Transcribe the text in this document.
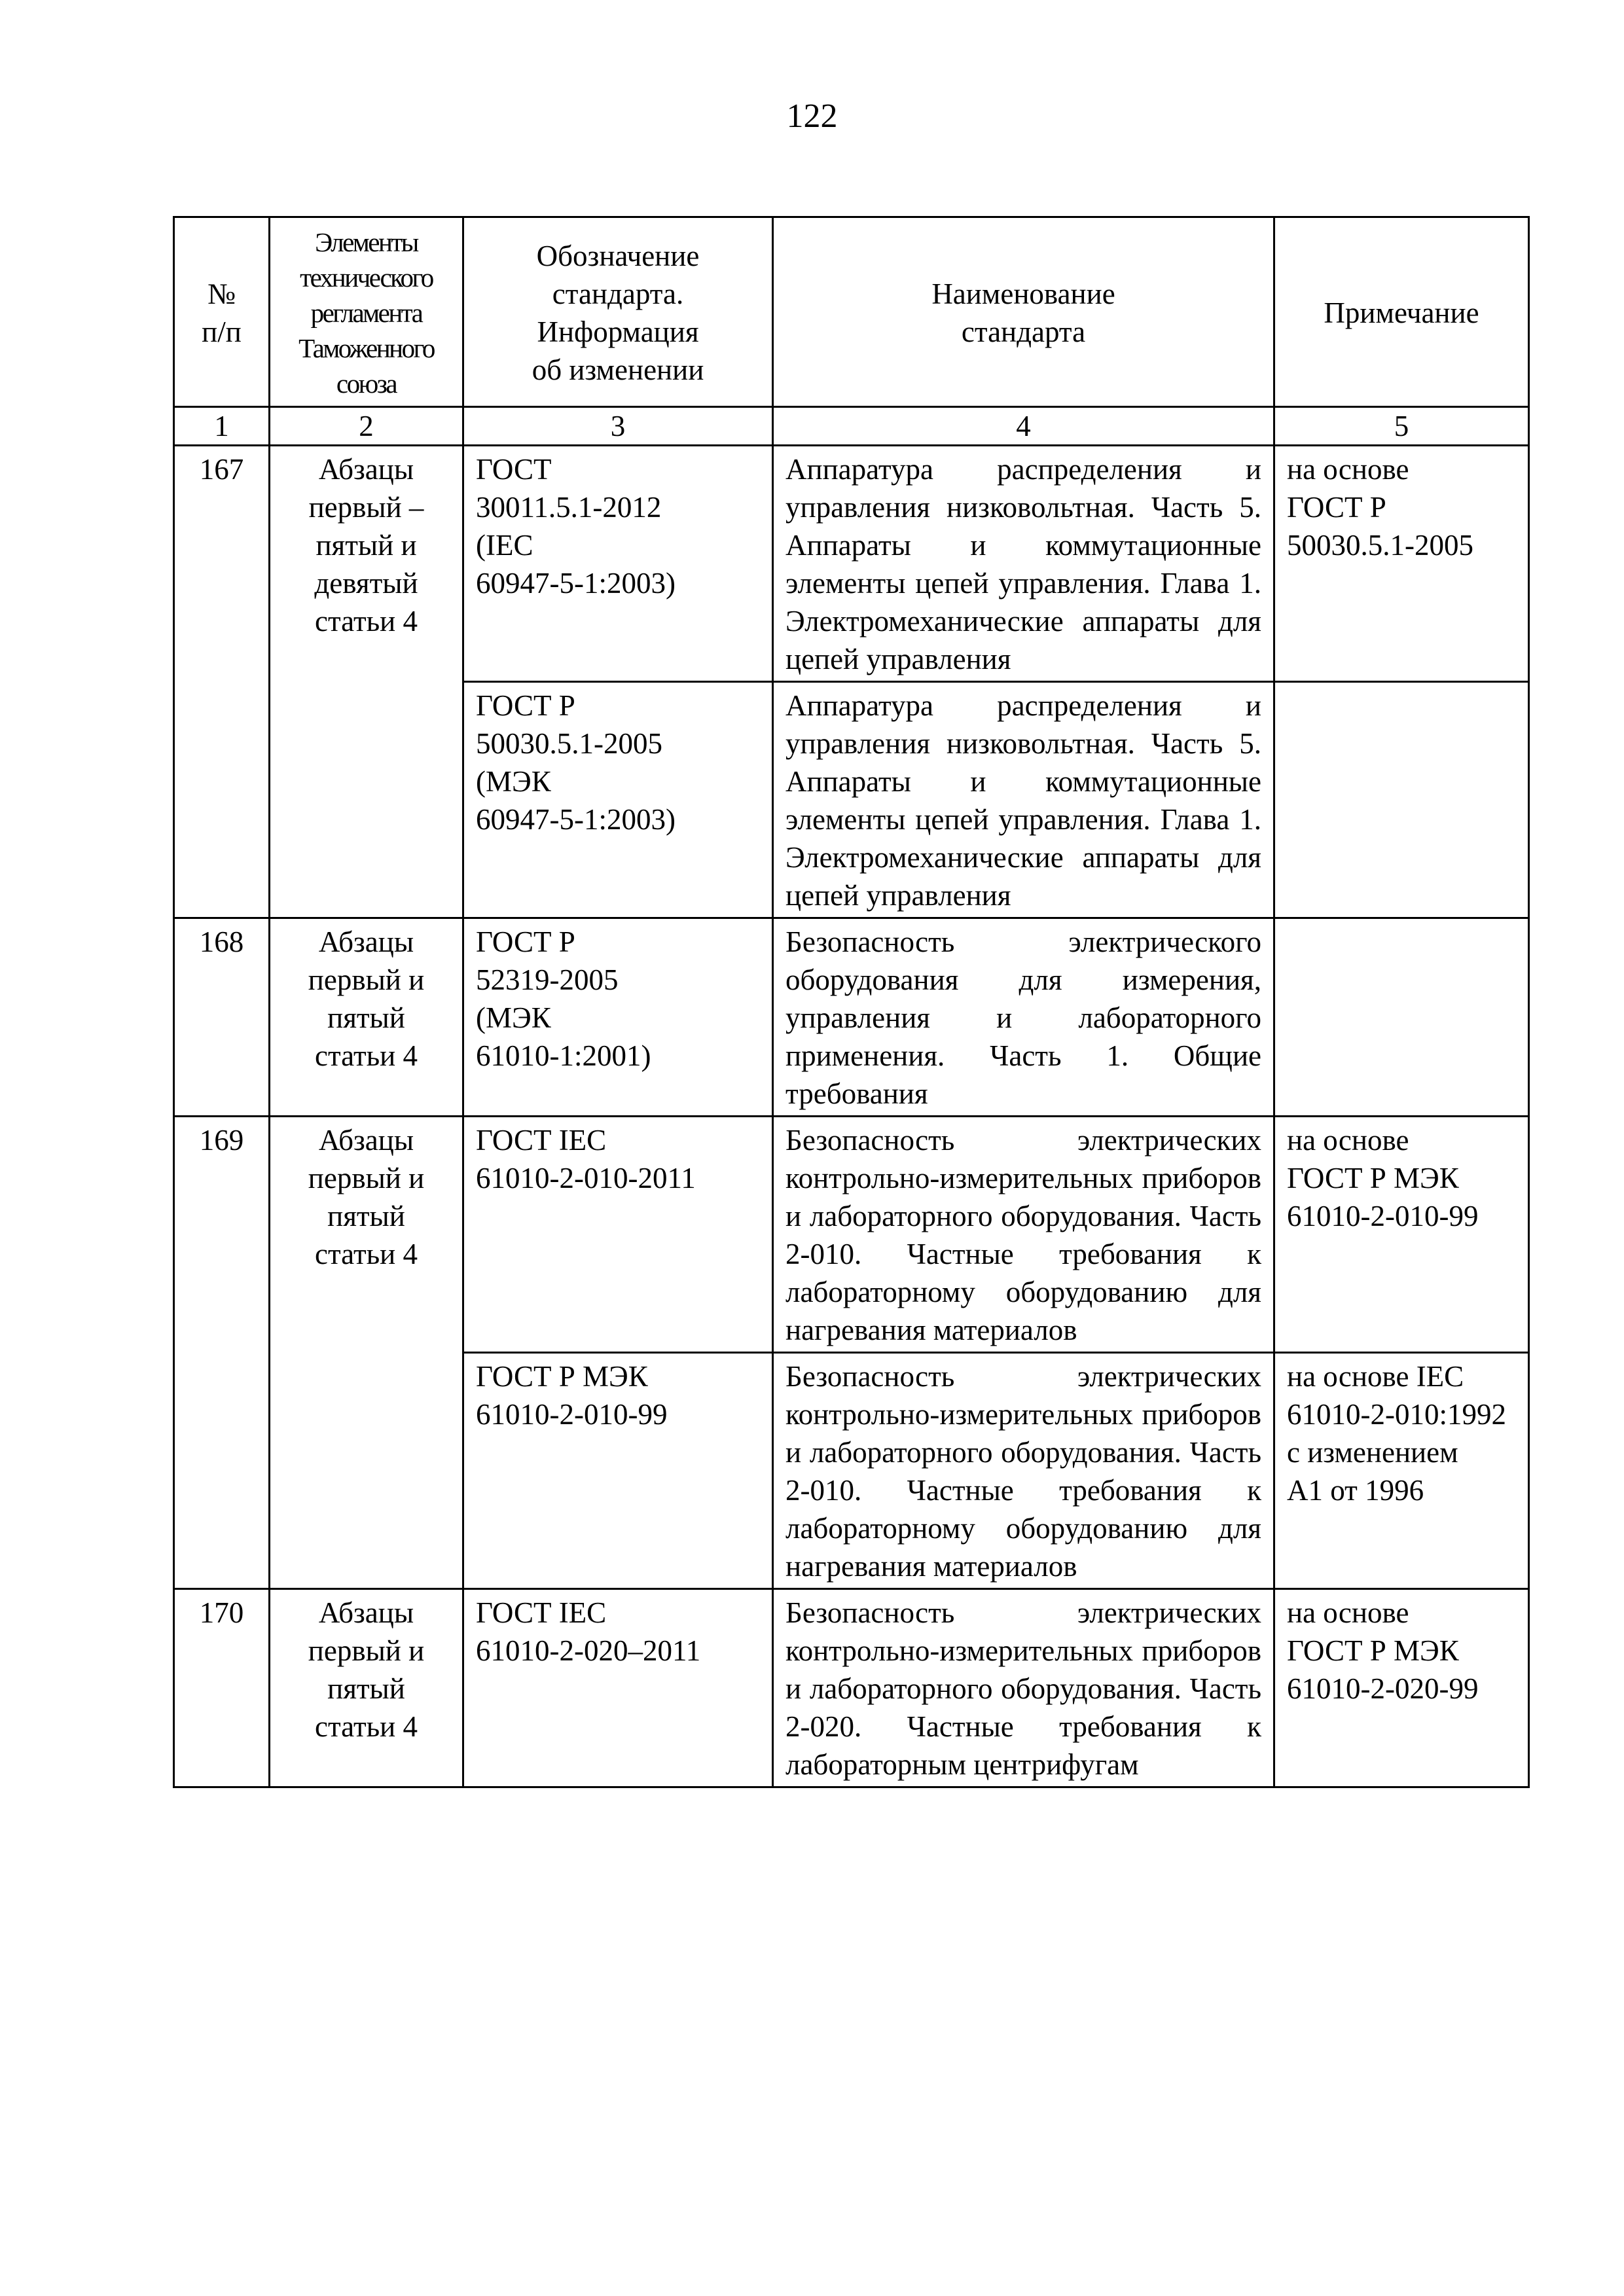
122
№
п/п	Элементы
технического
регламента
Таможенного
союза	Обозначение
стандарта.
Информация
об изменении	Наименование
стандарта	Примечание

1	2	3	4	5
167	Абзацы
первый –
пятый и
девятый
статьи 4	ГОСТ
30011.5.1-2012
(IEC
60947-5-1:2003)	Аппаратура распределения и управления низковольтная. Часть 5. Аппараты и коммутационные элементы цепей управления. Глава 1. Электромеханические аппараты для цепей управления	на основе
ГОСТ Р
50030.5.1-2005

		ГОСТ Р
50030.5.1-2005
(МЭК
60947-5-1:2003)	Аппаратура распределения и управления низковольтная. Часть 5. Аппараты и коммутационные элементы цепей управления. Глава 1. Электромеханические аппараты для цепей управления	
168	Абзацы
первый и
пятый
статьи 4	ГОСТ Р
52319-2005
(МЭК
61010-1:2001)	Безопасность электрического оборудования для измерения, управления и лабораторного применения. Часть 1. Общие требования	
169	Абзацы
первый и
пятый
статьи 4	ГОСТ IEC
61010-2-010-2011	Безопасность электрических контрольно-измерительных приборов и лабораторного оборудования. Часть 2-010. Частные требования к лабораторному оборудованию для нагревания материалов	на основе
ГОСТ Р МЭК
61010-2-010-99

		ГОСТ Р МЭК
61010-2-010-99	Безопасность электрических контрольно-измерительных приборов и лабораторного оборудования. Часть 2-010. Частные требования к лабораторному оборудованию для нагревания материалов	на основе IEC
61010-2-010:1992
с изменением
А1 от 1996

170	Абзацы
первый и
пятый
статьи 4	ГОСТ IEC
61010-2-020–2011	Безопасность электрических контрольно-измерительных приборов и лабораторного оборудования. Часть 2-020. Частные требования к лабораторным центрифугам	на основе
ГОСТ Р МЭК
61010-2-020-99
